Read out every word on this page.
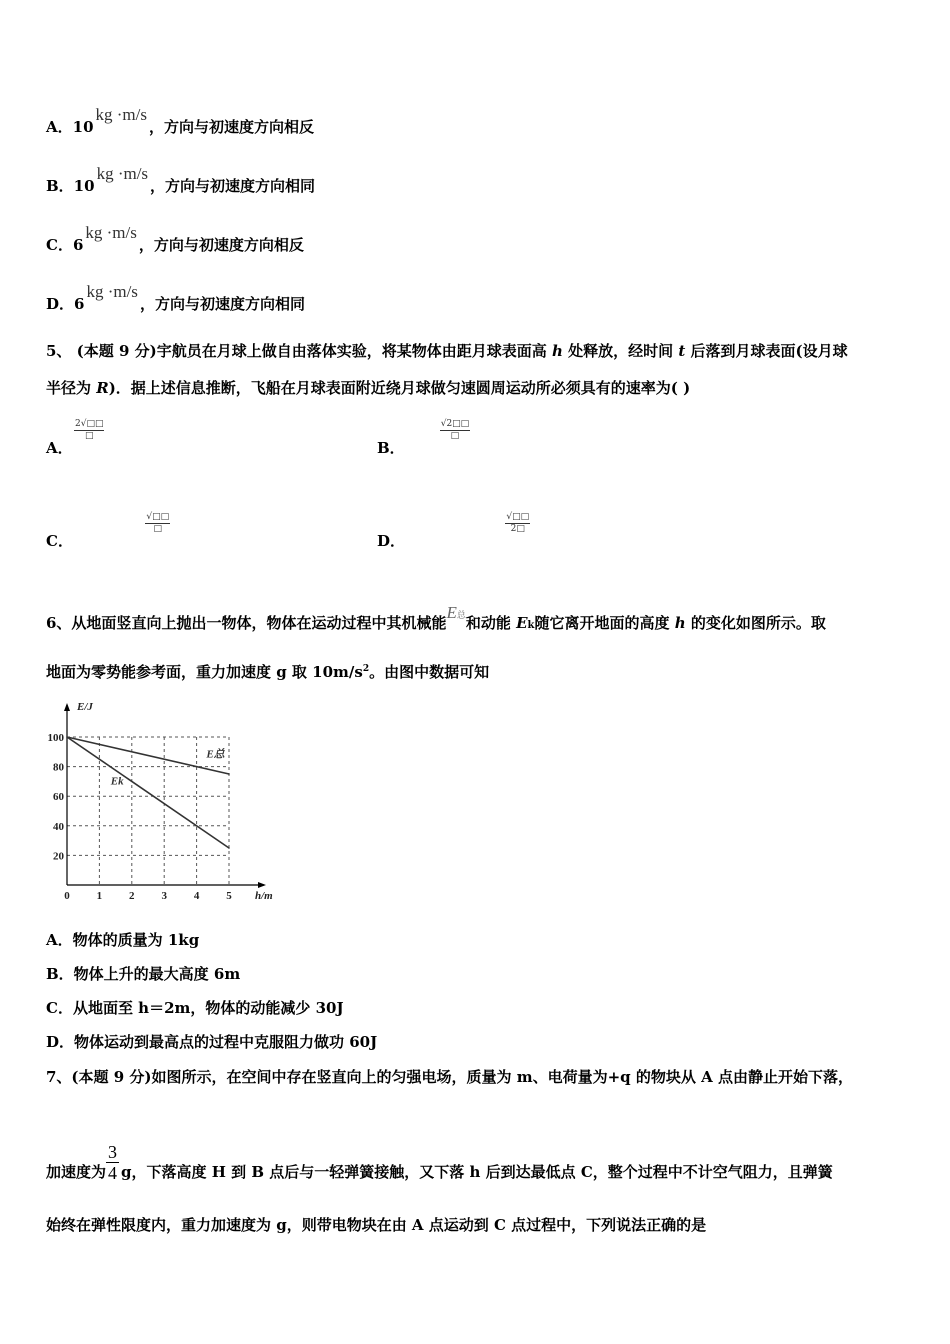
A．10kg ·m/s，方向与初速度方向相反
B．10kg ·m/s，方向与初速度方向相同
C．6kg ·m/s，方向与初速度方向相反
D．6kg ·m/s，方向与初速度方向相同
5、 (本题 9 分)宇航员在月球上做自由落体实验，将某物体由距月球表面高 h 处释放，经时间 t 后落到月球表面(设月球
半径为 R)．据上述信息推断，飞船在月球表面附近绕月球做匀速圆周运动所必须具有的速率为( )
A．
$\frac{2√□□}{□}$

B．
$\frac{√2□□}{□}$

C．
$\frac{√□□}{□}$

D．
$\frac{√□□}{2□}$
6、从地面竖直向上抛出一物体，物体在运动过程中其机械能E总和动能 Ek随它离开地面的高度 h 的变化如图所示。取
地面为零势能参考面，重力加速度 g 取 $10m/s^2$。由图中数据可知
0 1 2 3 4 5
20
40
60
80
100
E/J
h/m
E总
Ek
A．物体的质量为 1kg
B．物体上升的最大高度 6m
C．从地面至 h＝2m，物体的动能减少 30J
D．物体运动到最高点的过程中克服阻力做功 60J
7、(本题 9 分)如图所示，在空间中存在竖直向上的匀强电场，质量为 m、电荷量为+q 的物块从 A 点由静止开始下落，
加速度为 $\frac{3}{4}$ g，下落高度 H 到 B 点后与一轻弹簧接触，又下落 h 后到达最低点 C，整个过程中不计空气阻力，且弹簧
始终在弹性限度内，重力加速度为 g，则带电物块在由 A 点运动到 C 点过程中，下列说法正确的是
